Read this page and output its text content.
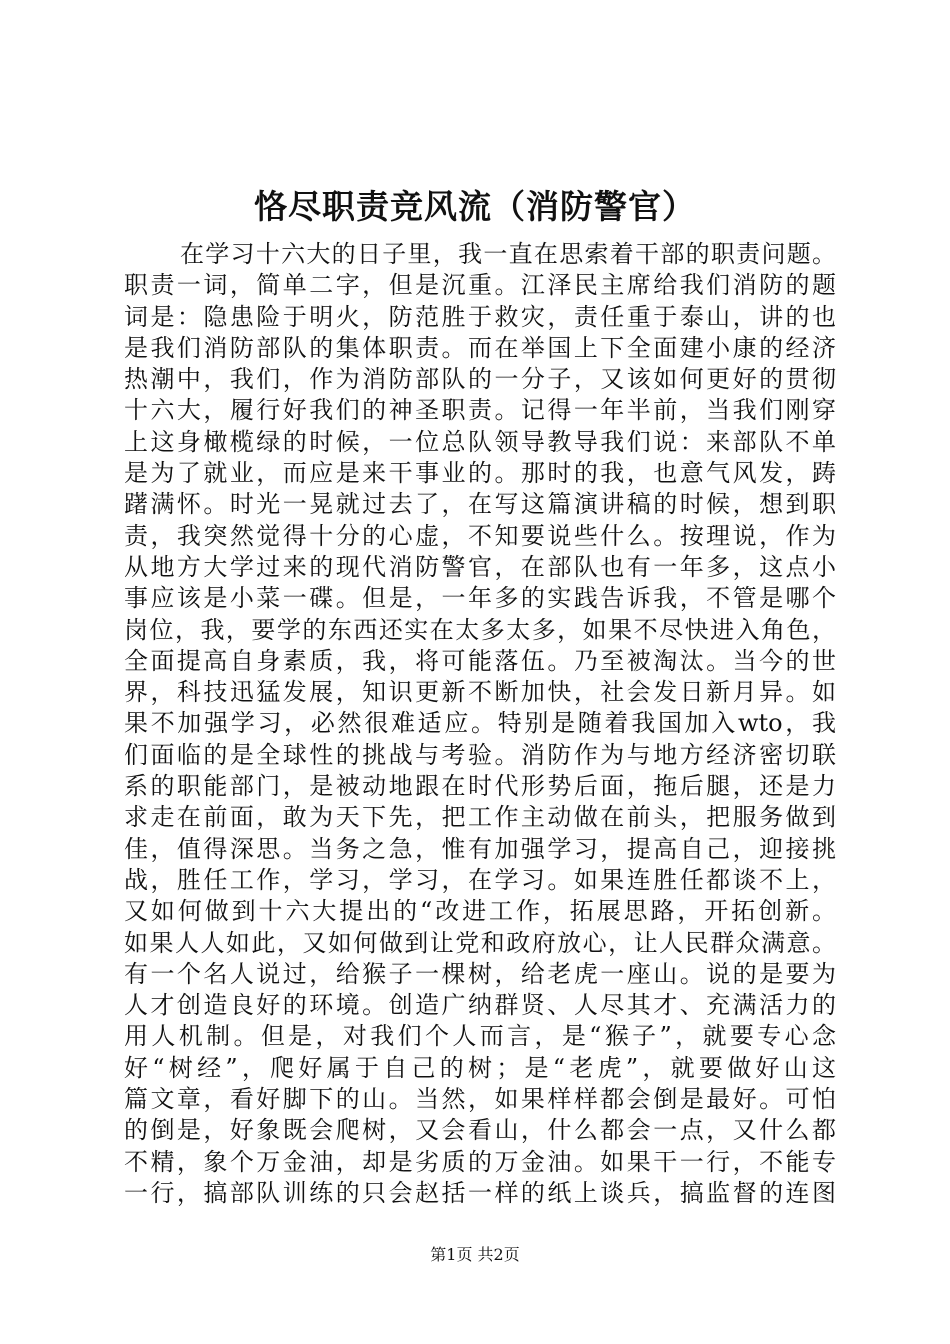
恪尽职责竞风流（消防警官）
在学习十六大的日子里，我一直在思索着干部的职责问题。
职责一词，简单二字，但是沉重。江泽民主席给我们消防的题
词是：隐患险于明火，防范胜于救灾，责任重于泰山，讲的也
是我们消防部队的集体职责。而在举国上下全面建小康的经济
热潮中，我们，作为消防部队的一分子，又该如何更好的贯彻
十六大，履行好我们的神圣职责。记得一年半前，当我们刚穿
上这身橄榄绿的时候，一位总队领导教导我们说：来部队不单
是为了就业，而应是来干事业的。那时的我，也意气风发，踌
躇满怀。时光一晃就过去了，在写这篇演讲稿的时候，想到职
责，我突然觉得十分的心虚，不知要说些什么。按理说，作为
从地方大学过来的现代消防警官，在部队也有一年多，这点小
事应该是小菜一碟。但是，一年多的实践告诉我，不管是哪个
岗位，我，要学的东西还实在太多太多，如果不尽快进入角色，
全面提高自身素质，我，将可能落伍。乃至被淘汰。当今的世
界，科技迅猛发展，知识更新不断加快，社会发日新月异。如
果不加强学习，必然很难适应。特别是随着我国加入wto，我
们面临的是全球性的挑战与考验。消防作为与地方经济密切联
系的职能部门，是被动地跟在时代形势后面，拖后腿，还是力
求走在前面，敢为天下先，把工作主动做在前头，把服务做到
佳，值得深思。当务之急，惟有加强学习，提高自己，迎接挑
战，胜任工作，学习，学习，在学习。如果连胜任都谈不上，
又如何做到十六大提出的“改进工作，拓展思路，开拓创新。
如果人人如此，又如何做到让党和政府放心，让人民群众满意。
有一个名人说过，给猴子一棵树，给老虎一座山。说的是要为
人才创造良好的环境。创造广纳群贤、人尽其才、充满活力的
用人机制。但是，对我们个人而言，是“猴子”，就要专心念
好“树经”，爬好属于自己的树；是“老虎”，就要做好山这
篇文章，看好脚下的山。当然，如果样样都会倒是最好。可怕
的倒是，好象既会爬树，又会看山，什么都会一点，又什么都
不精，象个万金油，却是劣质的万金油。如果干一行，不能专
一行，搞部队训练的只会赵括一样的纸上谈兵，搞监督的连图
第1页 共2页
